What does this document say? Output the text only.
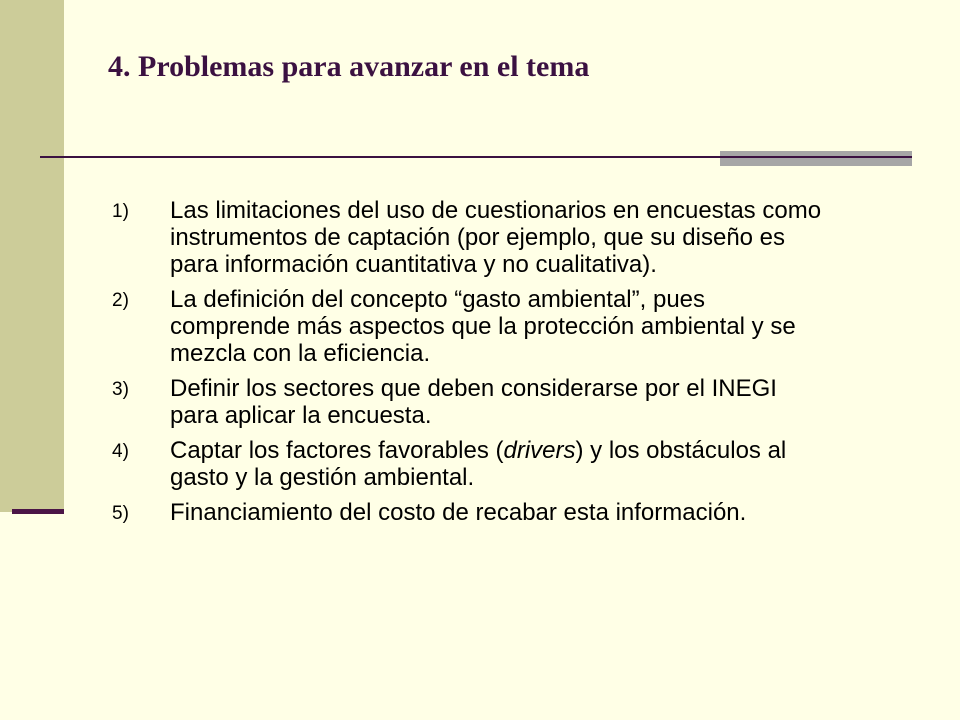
4. Problemas para avanzar en el tema
1)	Las limitaciones del uso de cuestionarios en encuestas como instrumentos de captación (por ejemplo, que su diseño es para información cuantitativa y no cualitativa).
2)	La definición del concepto “gasto ambiental”, pues comprende más aspectos que la protección ambiental y se mezcla con la eficiencia.
3)	Definir los sectores que deben considerarse por el INEGI para aplicar la encuesta.
4)	Captar los factores favorables (drivers) y los obstáculos al gasto y la gestión ambiental.
5)	Financiamiento del costo de recabar esta información.
